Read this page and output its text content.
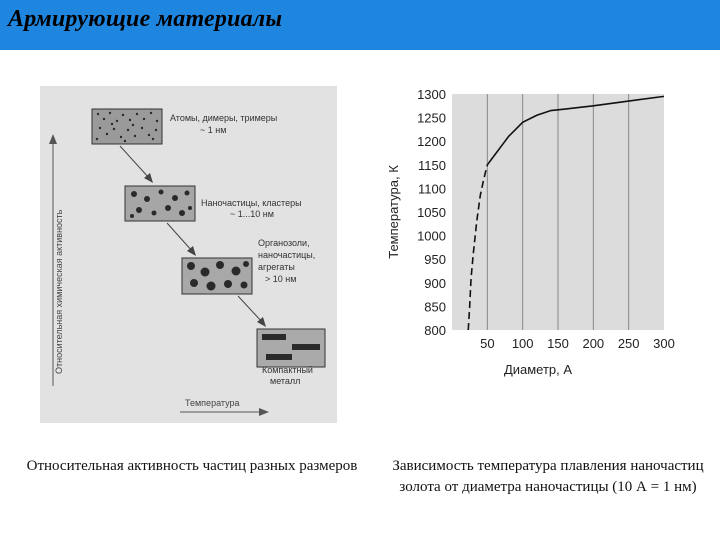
Армирующие материалы
Относительная химическая активность
Температура
Атомы, димеры, тримеры ~ 1 нм
Наночастицы, кластеры ~ 1...10 нм
Органозоли, наночастицы, агрегаты > 10 нм
Компактный металл
800
850
900
950
1000
1050
1100
1150
1200
1250
1300
50 100 150 200 250 300
Температура, К
Диаметр, А
Относительная активность частиц разных размеров	Зависимость температура плавления наночастиц золота от диаметра наночастицы (10 А = 1 нм)
